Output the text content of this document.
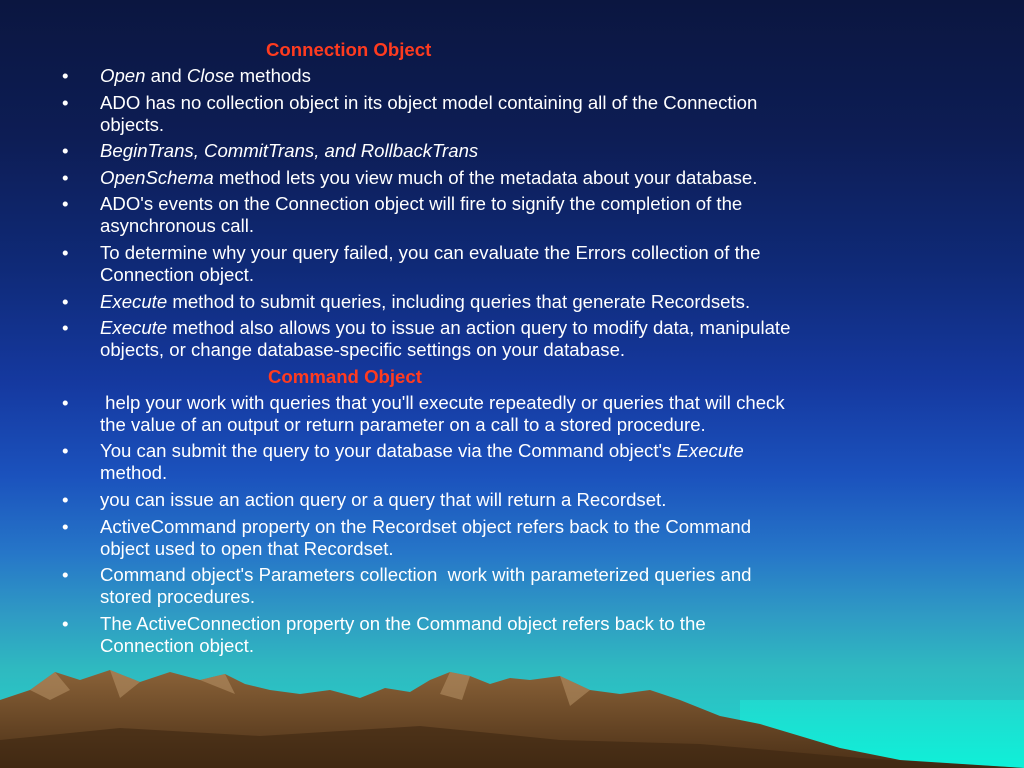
Connection Object
•	Open and Close methods
•	ADO has no collection object in its object model containing all of the Connection
objects.
•	BeginTrans, CommitTrans, and RollbackTrans
•	OpenSchema method lets you view much of the metadata about your database.
•	ADO's events on the Connection object will fire to signify the completion of the
asynchronous call.
•	To determine why your query failed, you can evaluate the Errors collection of the
Connection object.
•	Execute method to submit queries, including queries that generate Recordsets.
•	Execute method also allows you to issue an action query to modify data, manipulate
objects, or change database-specific settings on your database.
Command Object
•	help your work with queries that you'll execute repeatedly or queries that will check
the value of an output or return parameter on a call to a stored procedure.
•	You can submit the query to your database via the Command object's Execute
method.
•	you can issue an action query or a query that will return a Recordset.
•	ActiveCommand property on the Recordset object refers back to the Command
object used to open that Recordset.
•	Command object's Parameters collection  work with parameterized queries and
stored procedures.
•	The ActiveConnection property on the Command object refers back to the
Connection object.
